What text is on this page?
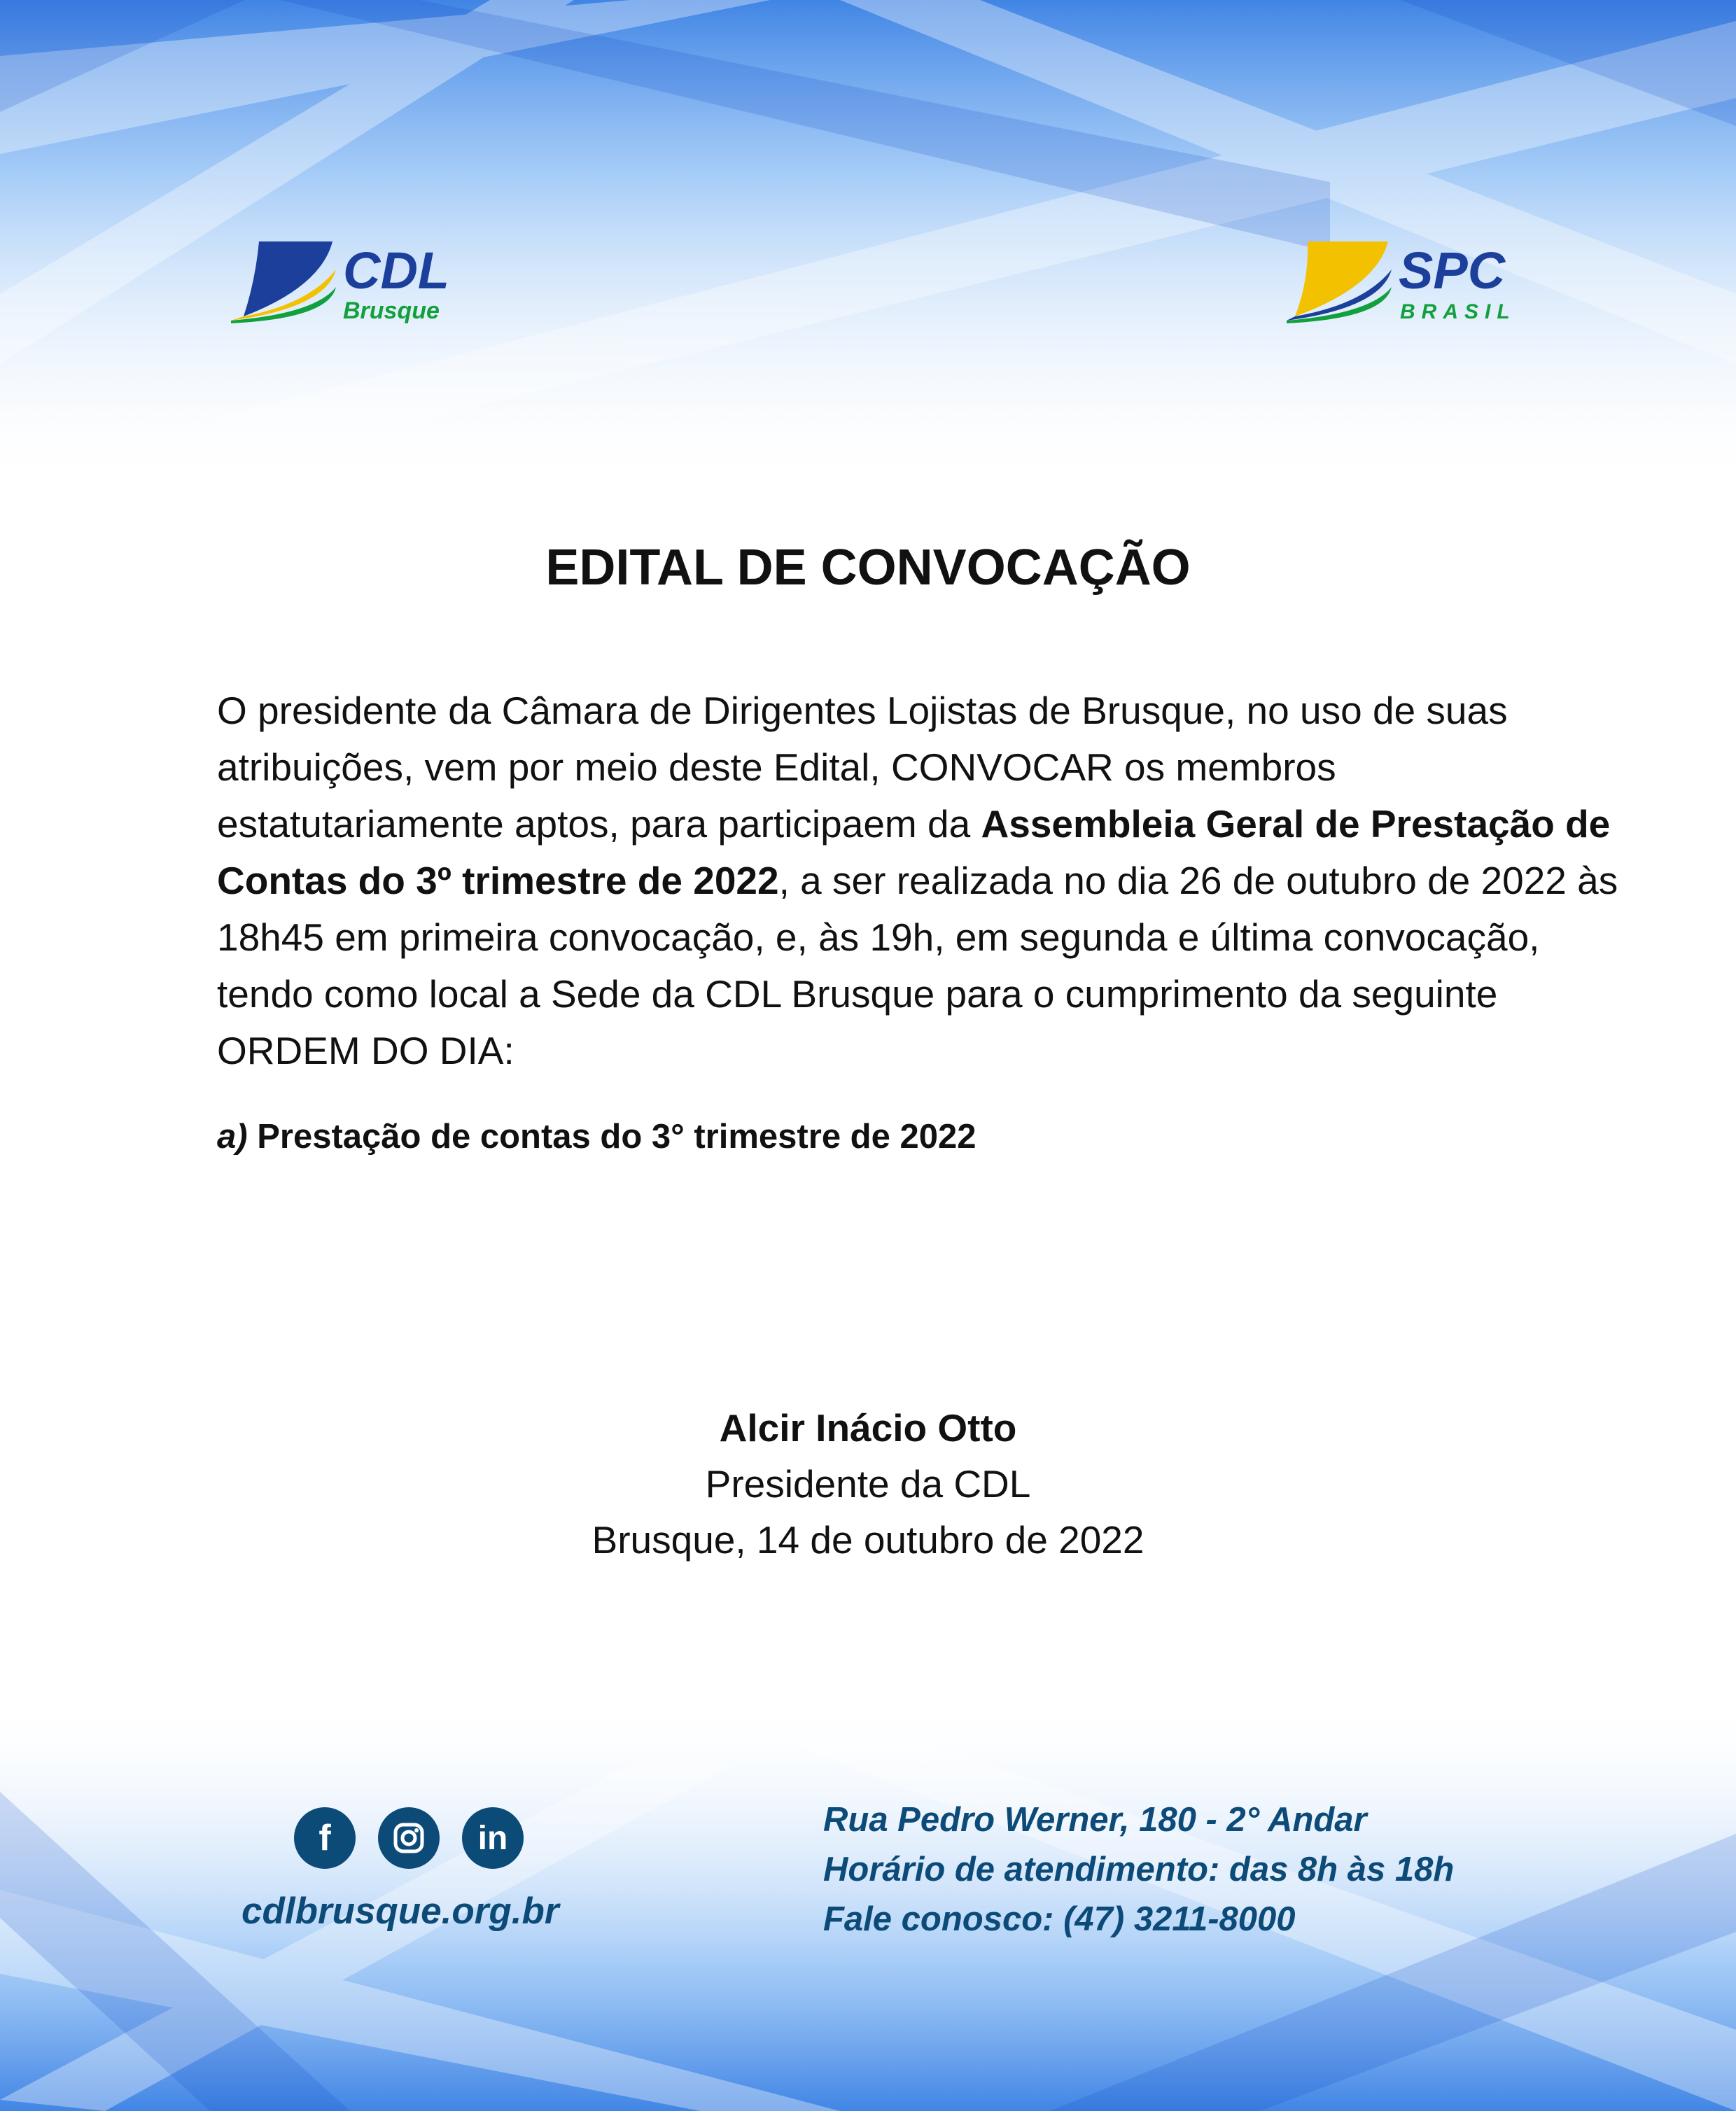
CDL
Brusque
SPC
BRASIL
EDITAL DE CONVOCAÇÃO
O presidente da Câmara de Dirigentes Lojistas de Brusque, no uso de suas atribuições, vem por meio deste Edital, CONVOCAR os membros estatutariamente aptos, para participaem da Assembleia Geral de Prestação de Contas do 3º trimestre de 2022, a ser realizada no dia 26 de outubro de 2022 às 18h45 em primeira convocação, e, às 19h, em segunda e última convocação, tendo como local a Sede da CDL Brusque para o cumprimento da seguinte ORDEM DO DIA:
a) Prestação de contas do 3° trimestre de 2022
Alcir Inácio Otto
Presidente da CDL
Brusque, 14 de outubro de 2022
f	in
cdlbrusque.org.br
Rua Pedro Werner, 180 - 2° Andar
Horário de atendimento: das 8h às 18h
Fale conosco: (47) 3211-8000
